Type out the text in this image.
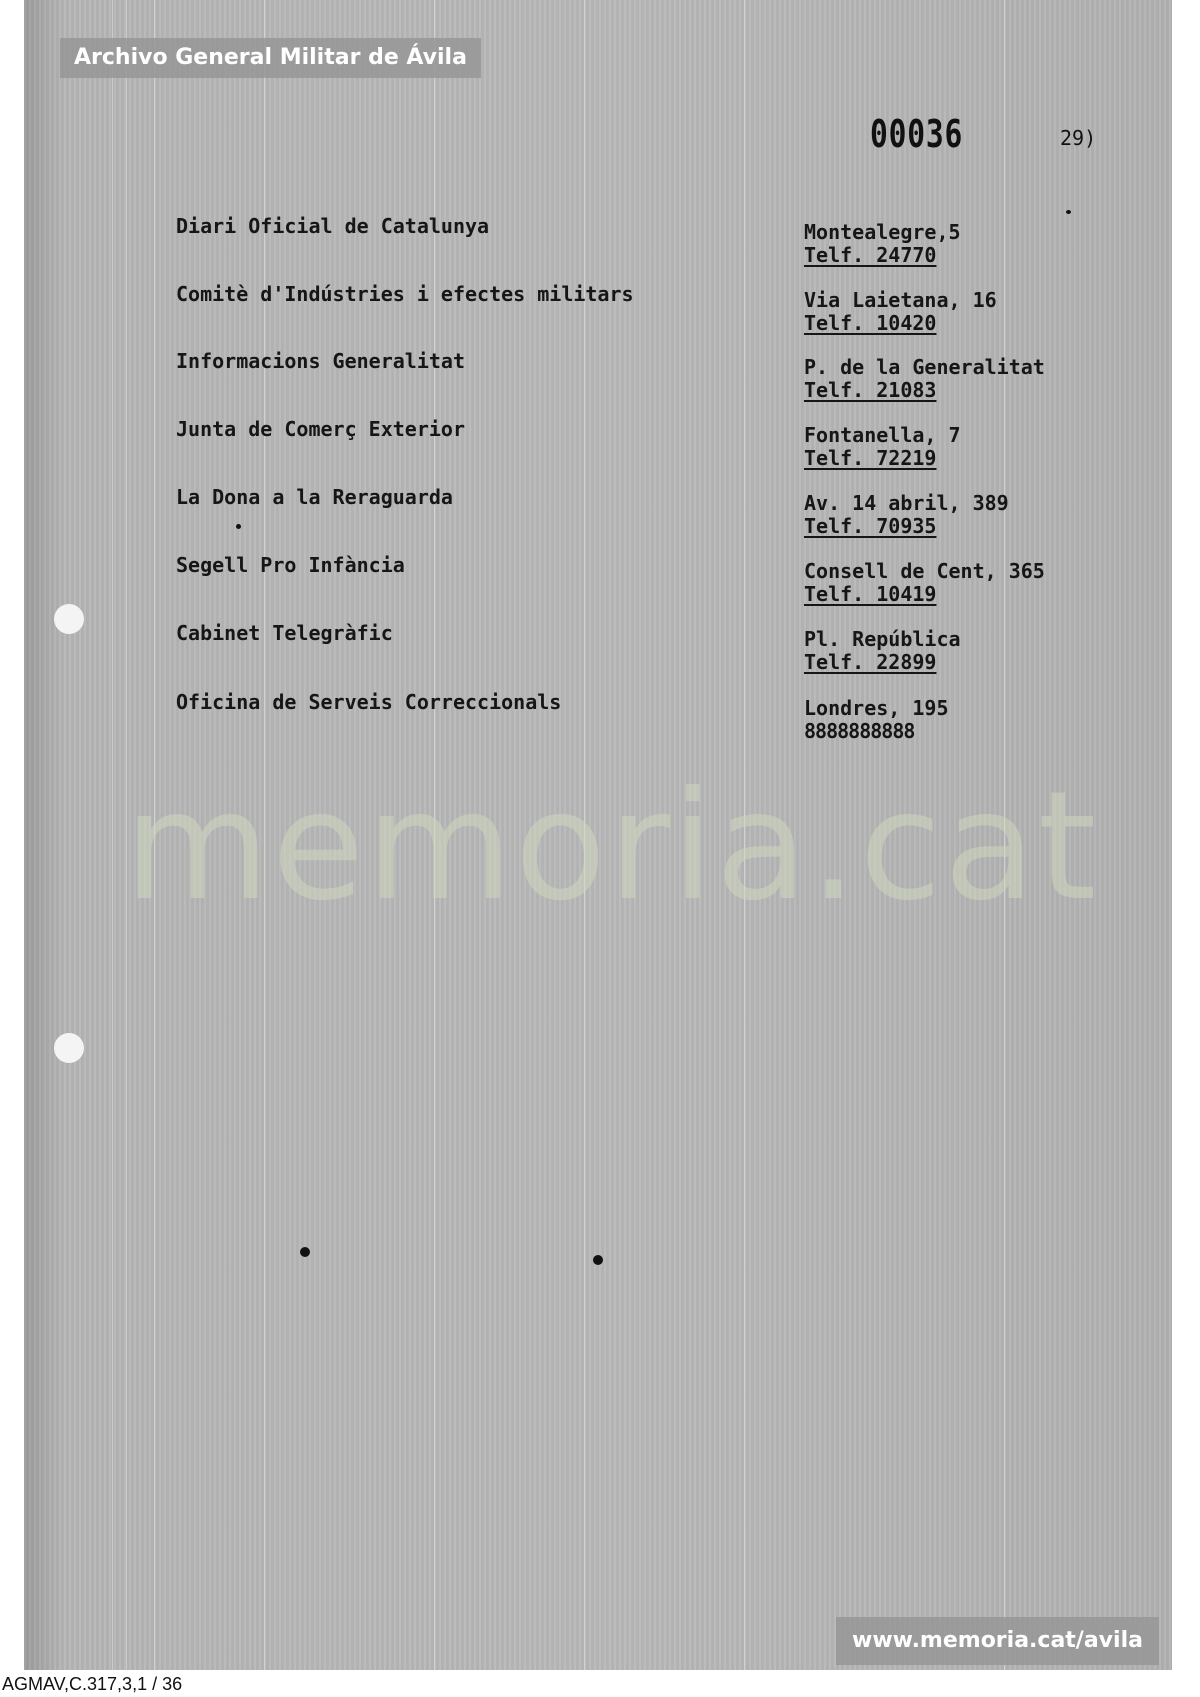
memoria.cat
00036	29)
Diari Oficial de Catalunya	Montealegre,5
Telf. 24770
Comitè d'Indústries i efectes militars	Via Laietana, 16
Telf. 10420
Informacions Generalitat	P. de la Generalitat
Telf. 21083
Junta de Comerç Exterior	Fontanella, 7
Telf. 72219
La Dona a la Reraguarda	Av. 14 abril, 389
Telf. 70935
Segell Pro Infància	Consell de Cent, 365
Telf. 10419
Cabinet Telegràfic	Pl. República
Telf. 22899
Oficina de Serveis Correccionals	Londres, 195
8888888888
Archivo General Militar de Ávila
www.memoria.cat/avila
AGMAV,C.317,3,1 / 36
